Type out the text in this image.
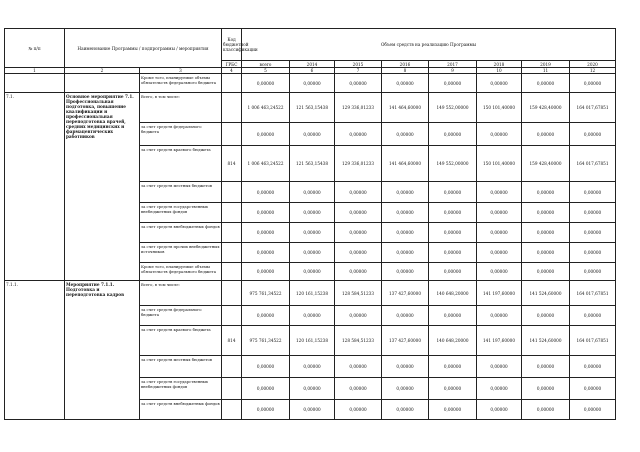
№ п/п	Наименование Программы / подпрограммы / мероприятия		Код бюджетной классификации	Объем средств на реализацию Программы							
			ГРБС	всего	2014	2015	2016	2017	2018	2019	2020
1	2	3	4	5	6	7	8	9	10	11	12
		Кроме того, планируемые объемы обязательств федерального бюджета		0,00000	0,00000	0,00000	0,00000	0,00000	0,00000	0,00000	0,00000
7.1.	Основное мероприятие 7.1. Профессиональная подготовка, повышение квалификации и профессиональная переподготовка врачей, средних медицинских и фармацевтических работников	Всего, в том числе:		1 006 463,24522	121 563,15438	129 336,01233	141 464,60000	149 552,00000	150 101,40000	159 428,40000	164 017,67851
		за счет средств федерального бюджета		0,00000	0,00000	0,00000	0,00000	0,00000	0,00000	0,00000	0,00000
		за счет средств краевого бюджета	814	1 006 463,24522	121 563,15438	129 336,01233	141 464,60000	149 552,00000	150 101,40000	159 428,40000	164 017,67851
		за счет средств местных бюджетов		0,00000	0,00000	0,00000	0,00000	0,00000	0,00000	0,00000	0,00000
		за счет средств государственных внебюджетных фондов		0,00000	0,00000	0,00000	0,00000	0,00000	0,00000	0,00000	0,00000
		за счет средств внебюджетных фондов		0,00000	0,00000	0,00000	0,00000	0,00000	0,00000	0,00000	0,00000
		за счет средств прочих внебюджетных источников		0,00000	0,00000	0,00000	0,00000	0,00000	0,00000	0,00000	0,00000
		Кроме того, планируемые объемы обязательств федерального бюджета		0,00000	0,00000	0,00000	0,00000	0,00000	0,00000	0,00000	0,00000
7.1.1.	Мероприятие 7.1.1. Подготовка и переподготовка кадров	Всего, в том числе:		975 761,34522	120 161,15238	128 584,51233	137 427,60000	140 648,20000	141 197,60000	141 524,60000	164 017,67851
		за счет средств федерального бюджета		0,00000	0,00000	0,00000	0,00000	0,00000	0,00000	0,00000	0,00000
		за счет средств краевого бюджета	814	975 761,34522	120 161,15238	128 584,51233	137 427,60000	140 648,20000	141 197,60000	141 524,60000	164 017,67851
		за счет средств местных бюджетов		0,00000	0,00000	0,00000	0,00000	0,00000	0,00000	0,00000	0,00000
		за счет средств государственных внебюджетных фондов		0,00000	0,00000	0,00000	0,00000	0,00000	0,00000	0,00000	0,00000
		за счет средств внебюджетных фондов		0,00000	0,00000	0,00000	0,00000	0,00000	0,00000	0,00000	0,00000
